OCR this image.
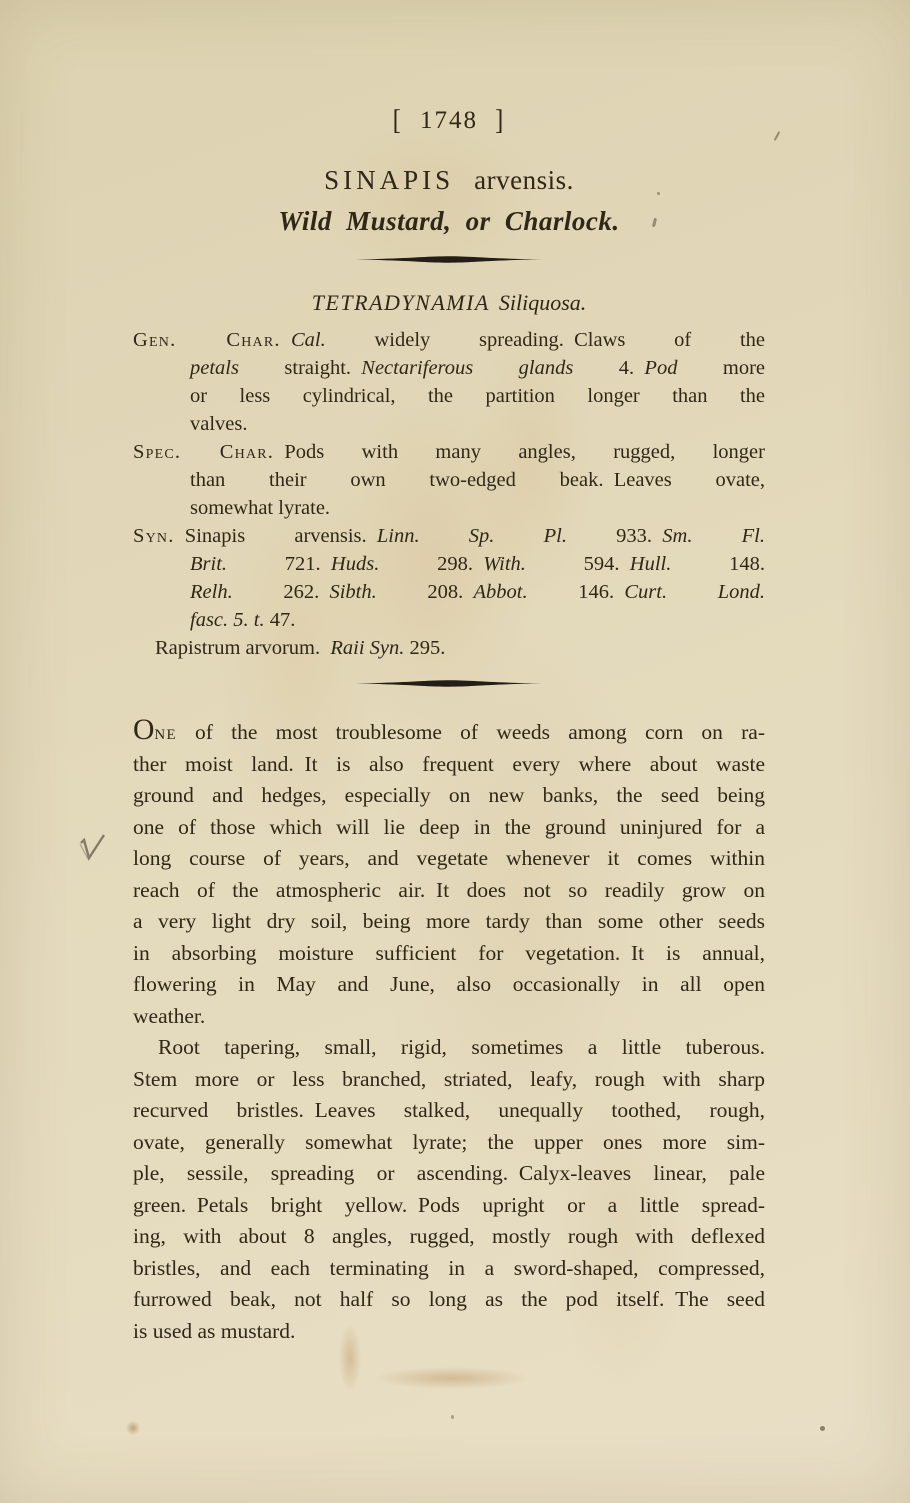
[ 1748 ]
SINAPIS arvensis.
Wild Mustard, or Charlock.
TETRADYNAMIA Siliquosa.
Gen. Char.  Cal. widely spreading. Claws of the
petals straight. Nectariferous glands 4. Pod more
or less cylindrical, the partition longer than the
valves.
Spec. Char. Pods with many angles, rugged, longer
than their own two-edged beak. Leaves ovate,
somewhat lyrate.
Syn. Sinapis arvensis. Linn. Sp. Pl. 933. Sm. Fl.
Brit. 721. Huds. 298. With. 594. Hull. 148.
Relh. 262. Sibth. 208. Abbot. 146. Curt. Lond.
fasc. 5. t. 47.
Rapistrum arvorum. Raii Syn. 295.
One of the most troublesome of weeds among corn on ra-
ther moist land. It is also frequent every where about waste
ground and hedges, especially on new banks, the seed being
one of those which will lie deep in the ground uninjured for a
long course of years, and vegetate whenever it comes within
reach of the atmospheric air. It does not so readily grow on
a very light dry soil, being more tardy than some other seeds
in absorbing moisture sufficient for vegetation. It is annual,
flowering in May and June, also occasionally in all open
weather.
Root tapering, small, rigid, sometimes a little tuberous.
Stem more or less branched, striated, leafy, rough with sharp
recurved bristles. Leaves stalked, unequally toothed, rough,
ovate, generally somewhat lyrate; the upper ones more sim-
ple, sessile, spreading or ascending. Calyx-leaves linear, pale
green. Petals bright yellow. Pods upright or a little spread-
ing, with about 8 angles, rugged, mostly rough with deflexed
bristles, and each terminating in a sword-shaped, compressed,
furrowed beak, not half so long as the pod itself. The seed
is used as mustard.
